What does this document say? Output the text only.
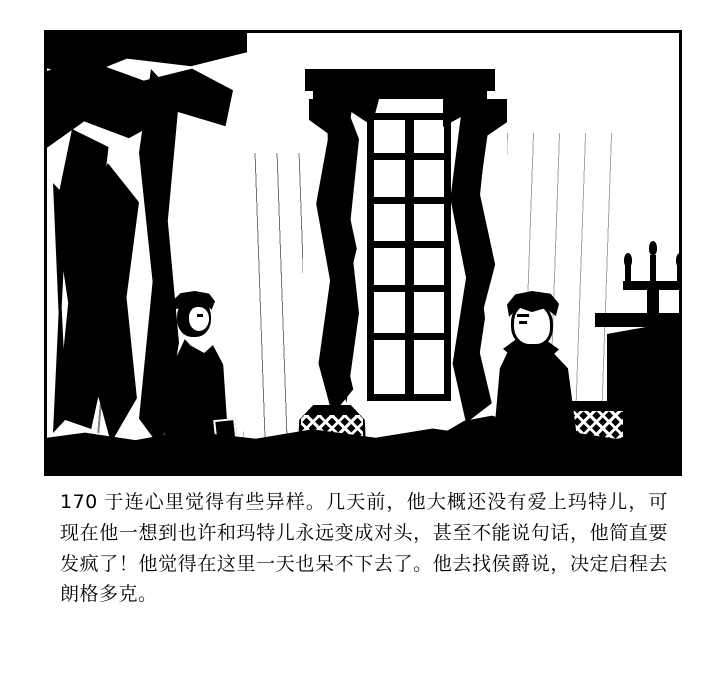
170 于连心里觉得有些异样。几天前，他大概还没有爱上玛特儿，可现在他一想到也许和玛特儿永远变成对头，甚至不能说句话，他简直要发疯了！他觉得在这里一天也呆不下去了。他去找侯爵说，决定启程去朗格多克。
